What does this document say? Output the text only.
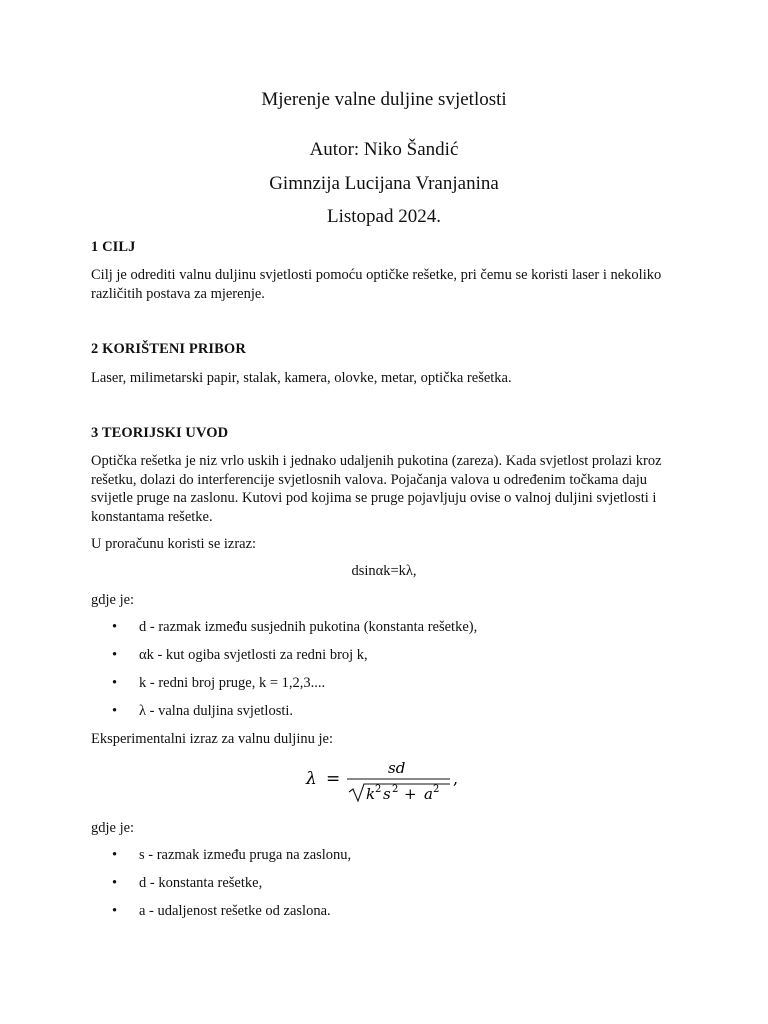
Mjerenje valne duljine svjetlosti
Autor: Niko Šandić
Gimnzija Lucijana Vranjanina
Listopad 2024.
1 CILJ
Cilj je odrediti valnu duljinu svjetlosti pomoću optičke rešetke, pri čemu se koristi laser i nekoliko različitih postava za mjerenje.
2 KORIŠTENI PRIBOR
Laser, milimetarski papir, stalak, kamera, olovke, metar, optička rešetka.
3 TEORIJSKI UVOD
Optička rešetka je niz vrlo uskih i jednako udaljenih pukotina (zareza). Kada svjetlost prolazi kroz rešetku, dolazi do interferencije svjetlosnih valova. Pojačanja valova u određenim točkama daju svijetle pruge na zaslonu. Kutovi pod kojima se pruge pojavljuju ovise o valnoj duljini svjetlosti i konstantama rešetke.
U proračunu koristi se izraz:
dsinαk=kλ,
gdje je:
• d - razmak između susjednih pukotina (konstanta rešetke),
• αk - kut ogiba svjetlosti za redni broj k,
• k - redni broj pruge, k = 1,2,3....
• λ - valna duljina svjetlosti.
Eksperimentalni izraz za valnu duljinu je:
λ =
sd
k 2 s 2 + a 2
,
gdje je:
• s - razmak između pruga na zaslonu,
• d - konstanta rešetke,
• a - udaljenost rešetke od zaslona.
